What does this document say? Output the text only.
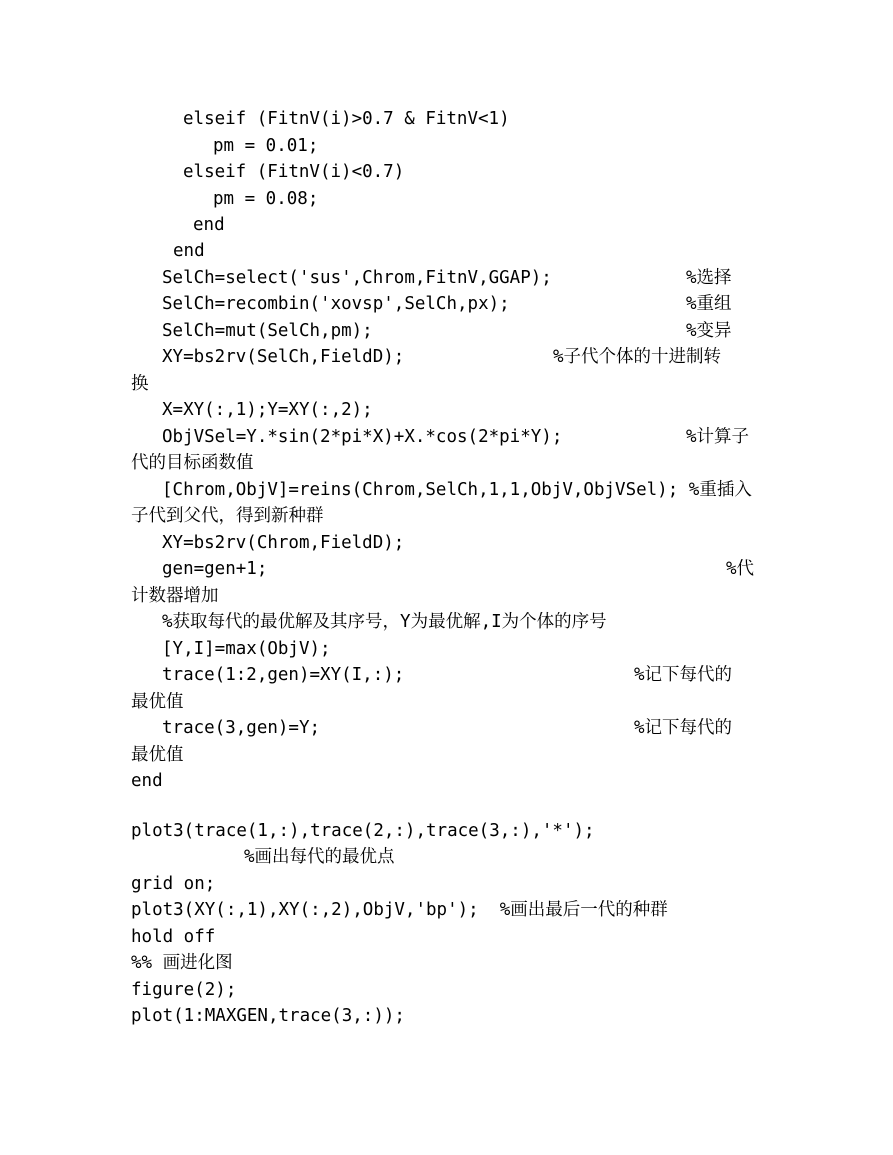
elseif (FitnV(i)>0.7 & FitnV<1)
pm = 0.01;
elseif (FitnV(i)<0.7)
pm = 0.08;
end
end
SelCh=select('sus',Chrom,FitnV,GGAP);	%选择
SelCh=recombin('xovsp',SelCh,px);	%重组
SelCh=mut(SelCh,pm);	%变异
XY=bs2rv(SelCh,FieldD);	%子代个体的十进制转
换
X=XY(:,1);Y=XY(:,2);
ObjVSel=Y.*sin(2*pi*X)+X.*cos(2*pi*Y);	%计算子
代的目标函数值
[Chrom,ObjV]=reins(Chrom,SelCh,1,1,ObjV,ObjVSel); %重插入
子代到父代，得到新种群
XY=bs2rv(Chrom,FieldD);
gen=gen+1;	%代
计数器增加
%获取每代的最优解及其序号，Y为最优解,I为个体的序号
[Y,I]=max(ObjV);
trace(1:2,gen)=XY(I,:);	%记下每代的
最优值
trace(3,gen)=Y;	%记下每代的
最优值
end
plot3(trace(1,:),trace(2,:),trace(3,:),'*');
%画出每代的最优点
grid on;
plot3(XY(:,1),XY(:,2),ObjV,'bp');  %画出最后一代的种群
hold off
%% 画进化图
figure(2);
plot(1:MAXGEN,trace(3,:));
